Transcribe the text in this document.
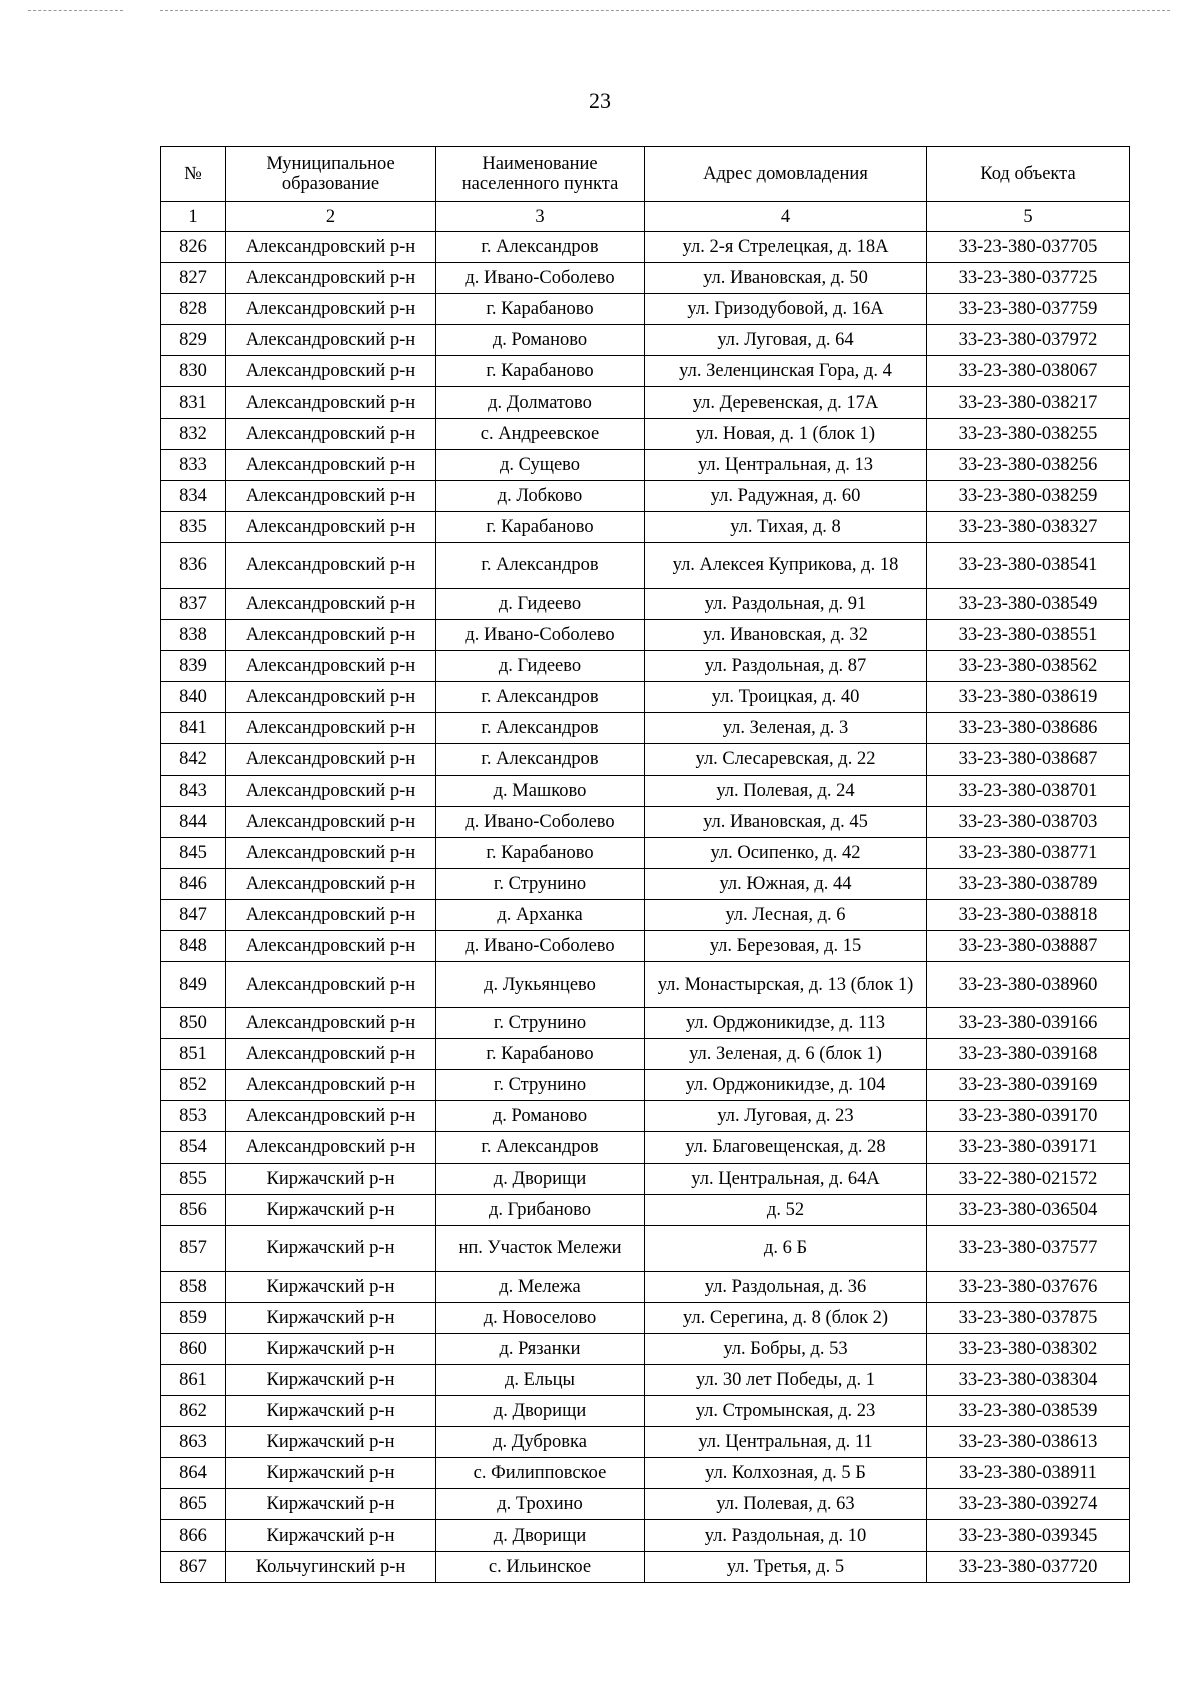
23
№	Муниципальное образование	Наименование населенного пункта	Адрес домовладения	Код объекта
1	2	3	4	5
826	Александровский р-н	г. Александров	ул. 2-я Стрелецкая, д. 18А	33-23-380-037705
827	Александровский р-н	д. Ивано-Соболево	ул. Ивановская, д. 50	33-23-380-037725
828	Александровский р-н	г. Карабаново	ул. Гризодубовой, д. 16А	33-23-380-037759
829	Александровский р-н	д. Романово	ул. Луговая, д. 64	33-23-380-037972
830	Александровский р-н	г. Карабаново	ул. Зеленцинская Гора, д. 4	33-23-380-038067
831	Александровский р-н	д. Долматово	ул. Деревенская, д. 17А	33-23-380-038217
832	Александровский р-н	с. Андреевское	ул. Новая, д. 1 (блок 1)	33-23-380-038255
833	Александровский р-н	д. Сущево	ул. Центральная, д. 13	33-23-380-038256
834	Александровский р-н	д. Лобково	ул. Радужная, д. 60	33-23-380-038259
835	Александровский р-н	г. Карабаново	ул. Тихая, д. 8	33-23-380-038327
836	Александровский р-н	г. Александров	ул. Алексея Куприкова, д. 18	33-23-380-038541
837	Александровский р-н	д. Гидеево	ул. Раздольная, д. 91	33-23-380-038549
838	Александровский р-н	д. Ивано-Соболево	ул. Ивановская, д. 32	33-23-380-038551
839	Александровский р-н	д. Гидеево	ул. Раздольная, д. 87	33-23-380-038562
840	Александровский р-н	г. Александров	ул. Троицкая, д. 40	33-23-380-038619
841	Александровский р-н	г. Александров	ул. Зеленая, д. 3	33-23-380-038686
842	Александровский р-н	г. Александров	ул. Слесаревская, д. 22	33-23-380-038687
843	Александровский р-н	д. Машково	ул. Полевая, д. 24	33-23-380-038701
844	Александровский р-н	д. Ивано-Соболево	ул. Ивановская, д. 45	33-23-380-038703
845	Александровский р-н	г. Карабаново	ул. Осипенко, д. 42	33-23-380-038771
846	Александровский р-н	г. Струнино	ул. Южная, д. 44	33-23-380-038789
847	Александровский р-н	д. Арханка	ул. Лесная, д. 6	33-23-380-038818
848	Александровский р-н	д. Ивано-Соболево	ул. Березовая, д. 15	33-23-380-038887
849	Александровский р-н	д. Лукьянцево	ул. Монастырская, д. 13 (блок 1)	33-23-380-038960
850	Александровский р-н	г. Струнино	ул. Орджоникидзе, д. 113	33-23-380-039166
851	Александровский р-н	г. Карабаново	ул. Зеленая, д. 6 (блок 1)	33-23-380-039168
852	Александровский р-н	г. Струнино	ул. Орджоникидзе, д. 104	33-23-380-039169
853	Александровский р-н	д. Романово	ул. Луговая, д. 23	33-23-380-039170
854	Александровский р-н	г. Александров	ул. Благовещенская, д. 28	33-23-380-039171
855	Киржачский р-н	д. Дворищи	ул. Центральная, д. 64А	33-22-380-021572
856	Киржачский р-н	д. Грибаново	д. 52	33-23-380-036504
857	Киржачский р-н	нп. Участок Мележи	д. 6 Б	33-23-380-037577
858	Киржачский р-н	д. Мележа	ул. Раздольная, д. 36	33-23-380-037676
859	Киржачский р-н	д. Новоселово	ул. Серегина, д. 8 (блок 2)	33-23-380-037875
860	Киржачский р-н	д. Рязанки	ул. Бобры, д. 53	33-23-380-038302
861	Киржачский р-н	д. Ельцы	ул. 30 лет Победы, д. 1	33-23-380-038304
862	Киржачский р-н	д. Дворищи	ул. Стромынская, д. 23	33-23-380-038539
863	Киржачский р-н	д. Дубровка	ул. Центральная, д. 11	33-23-380-038613
864	Киржачский р-н	с. Филипповское	ул. Колхозная, д. 5 Б	33-23-380-038911
865	Киржачский р-н	д. Трохино	ул. Полевая, д. 63	33-23-380-039274
866	Киржачский р-н	д. Дворищи	ул. Раздольная, д. 10	33-23-380-039345
867	Кольчугинский р-н	с. Ильинское	ул. Третья, д. 5	33-23-380-037720
